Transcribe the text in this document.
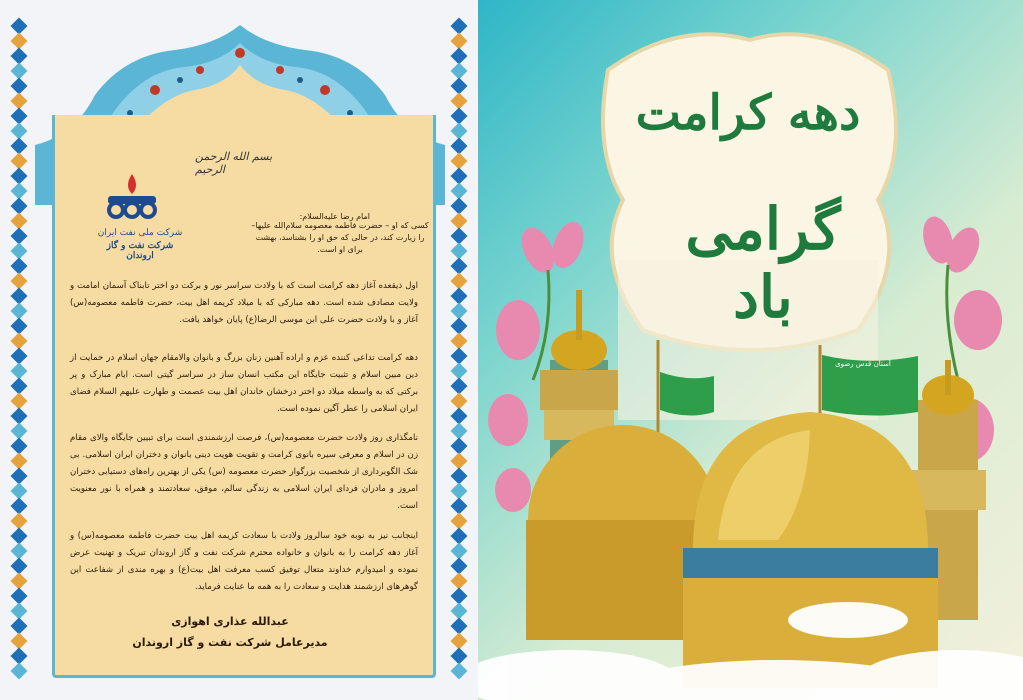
شرکت ملی نفت ایران
شرکت نفت و گاز اروندان
بسم الله الرحمن الرحیم
امام رضا علیه‌السلام:
کسی که او – حضرت فاطمه معصومه سلام‌الله علیها– را زیارت کند، در حالی که حق او را بشناسد، بهشت برای او است.
اول ذیقعده آغاز دهه کرامت است که با ولادت سراسر نور و برکت دو اختر تابناک آسمان امامت و ولایت مصادف شده است. دهه مبارکی که با میلاد کریمه اهل بیت، حضرت فاطمه معصومه(س) آغاز و با ولادت حضرت علی ابن موسی الرضا(ع) پایان خواهد یافت.
دهه کرامت تداعی کننده عزم و اراده آهنین زنان بزرگ و بانوان والامقام جهان اسلام در حمایت از دین مبین اسلام و تثبیت جایگاه این مکتب انسان ساز در سراسر گیتی است. ایام مبارک و پر برکتی که به واسطه میلاد دو اختر درخشان خاندان اهل بیت عصمت و طهارت علیهم السلام فضای ایران اسلامی را عطر آگین نموده است.
نامگذاری روز ولادت حضرت معصومه(س)، فرصت ارزشمندی است برای تبیین جایگاه والای مقام زن در اسلام و معرفی سیره بانوی کرامت و تقویت هویت دینی بانوان و دختران ایران اسلامی. بی شک الگوبرداری از شخصیت بزرگوار حضرت معصومه (س) یکی از بهترین راه‌های دستیابی دختران امروز و مادران فردای ایران اسلامی به زندگی سالم، موفق، سعادتمند و همراه با نور معنویت است.
اینجانب نیز به نوبه خود سالروز ولادت با سعادت کریمه اهل بیت حضرت فاطمه معصومه(س) و آغاز دهه کرامت را به بانوان و خانواده محترم شرکت نفت و گاز اروندان تبریک و تهنیت عرض نموده و امیدوارم خداوند متعال توفیق کسب معرفت اهل بیت(ع) و بهره مندی از شفاعت این گوهرهای ارزشمند هدایت و سعادت را به همه ما عنایت فرماید.
عبدالله عذاری اهوازی
مدیرعامل شرکت نفت و گاز اروندان
دهه کرامت
گرامی باد
آستان قدس رضوی
